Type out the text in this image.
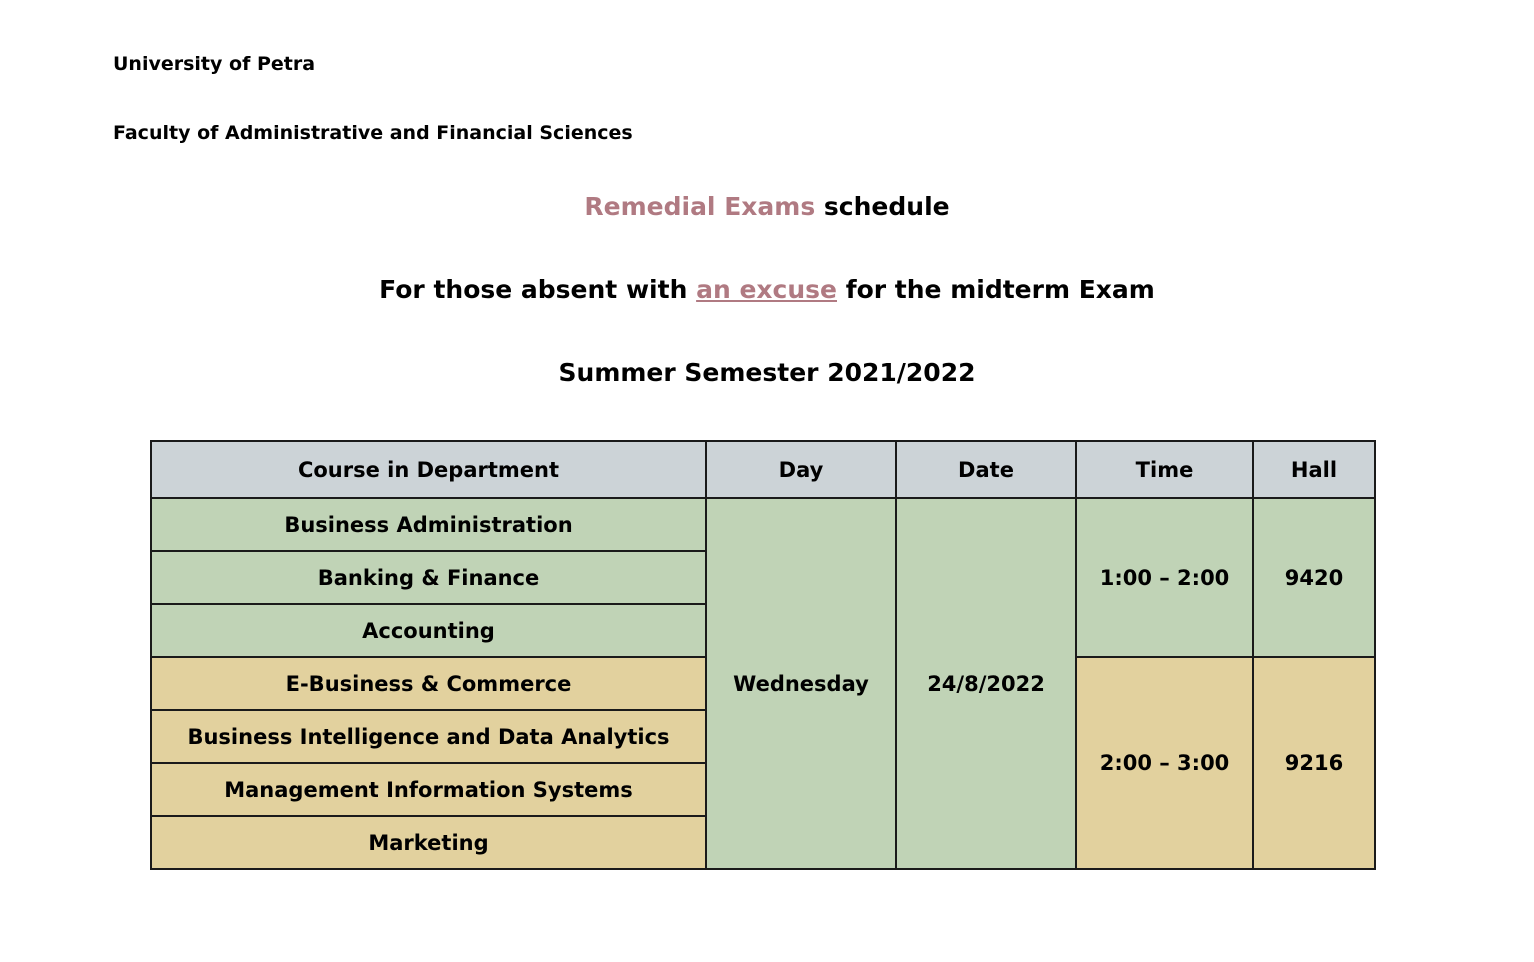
University of Petra
Faculty of Administrative and Financial Sciences
Remedial Exams schedule
For those absent with an excuse for the midterm Exam
Summer Semester 2021/2022
Course in Department	Day	Date	Time	Hall
Business Administration	Wednesday	24/8/2022	1:00 – 2:00	9420
Banking & Finance				
Accounting				
E-Business & Commerce			2:00 – 3:00	9216
Business Intelligence and Data Analytics				
Management Information Systems				
Marketing				
